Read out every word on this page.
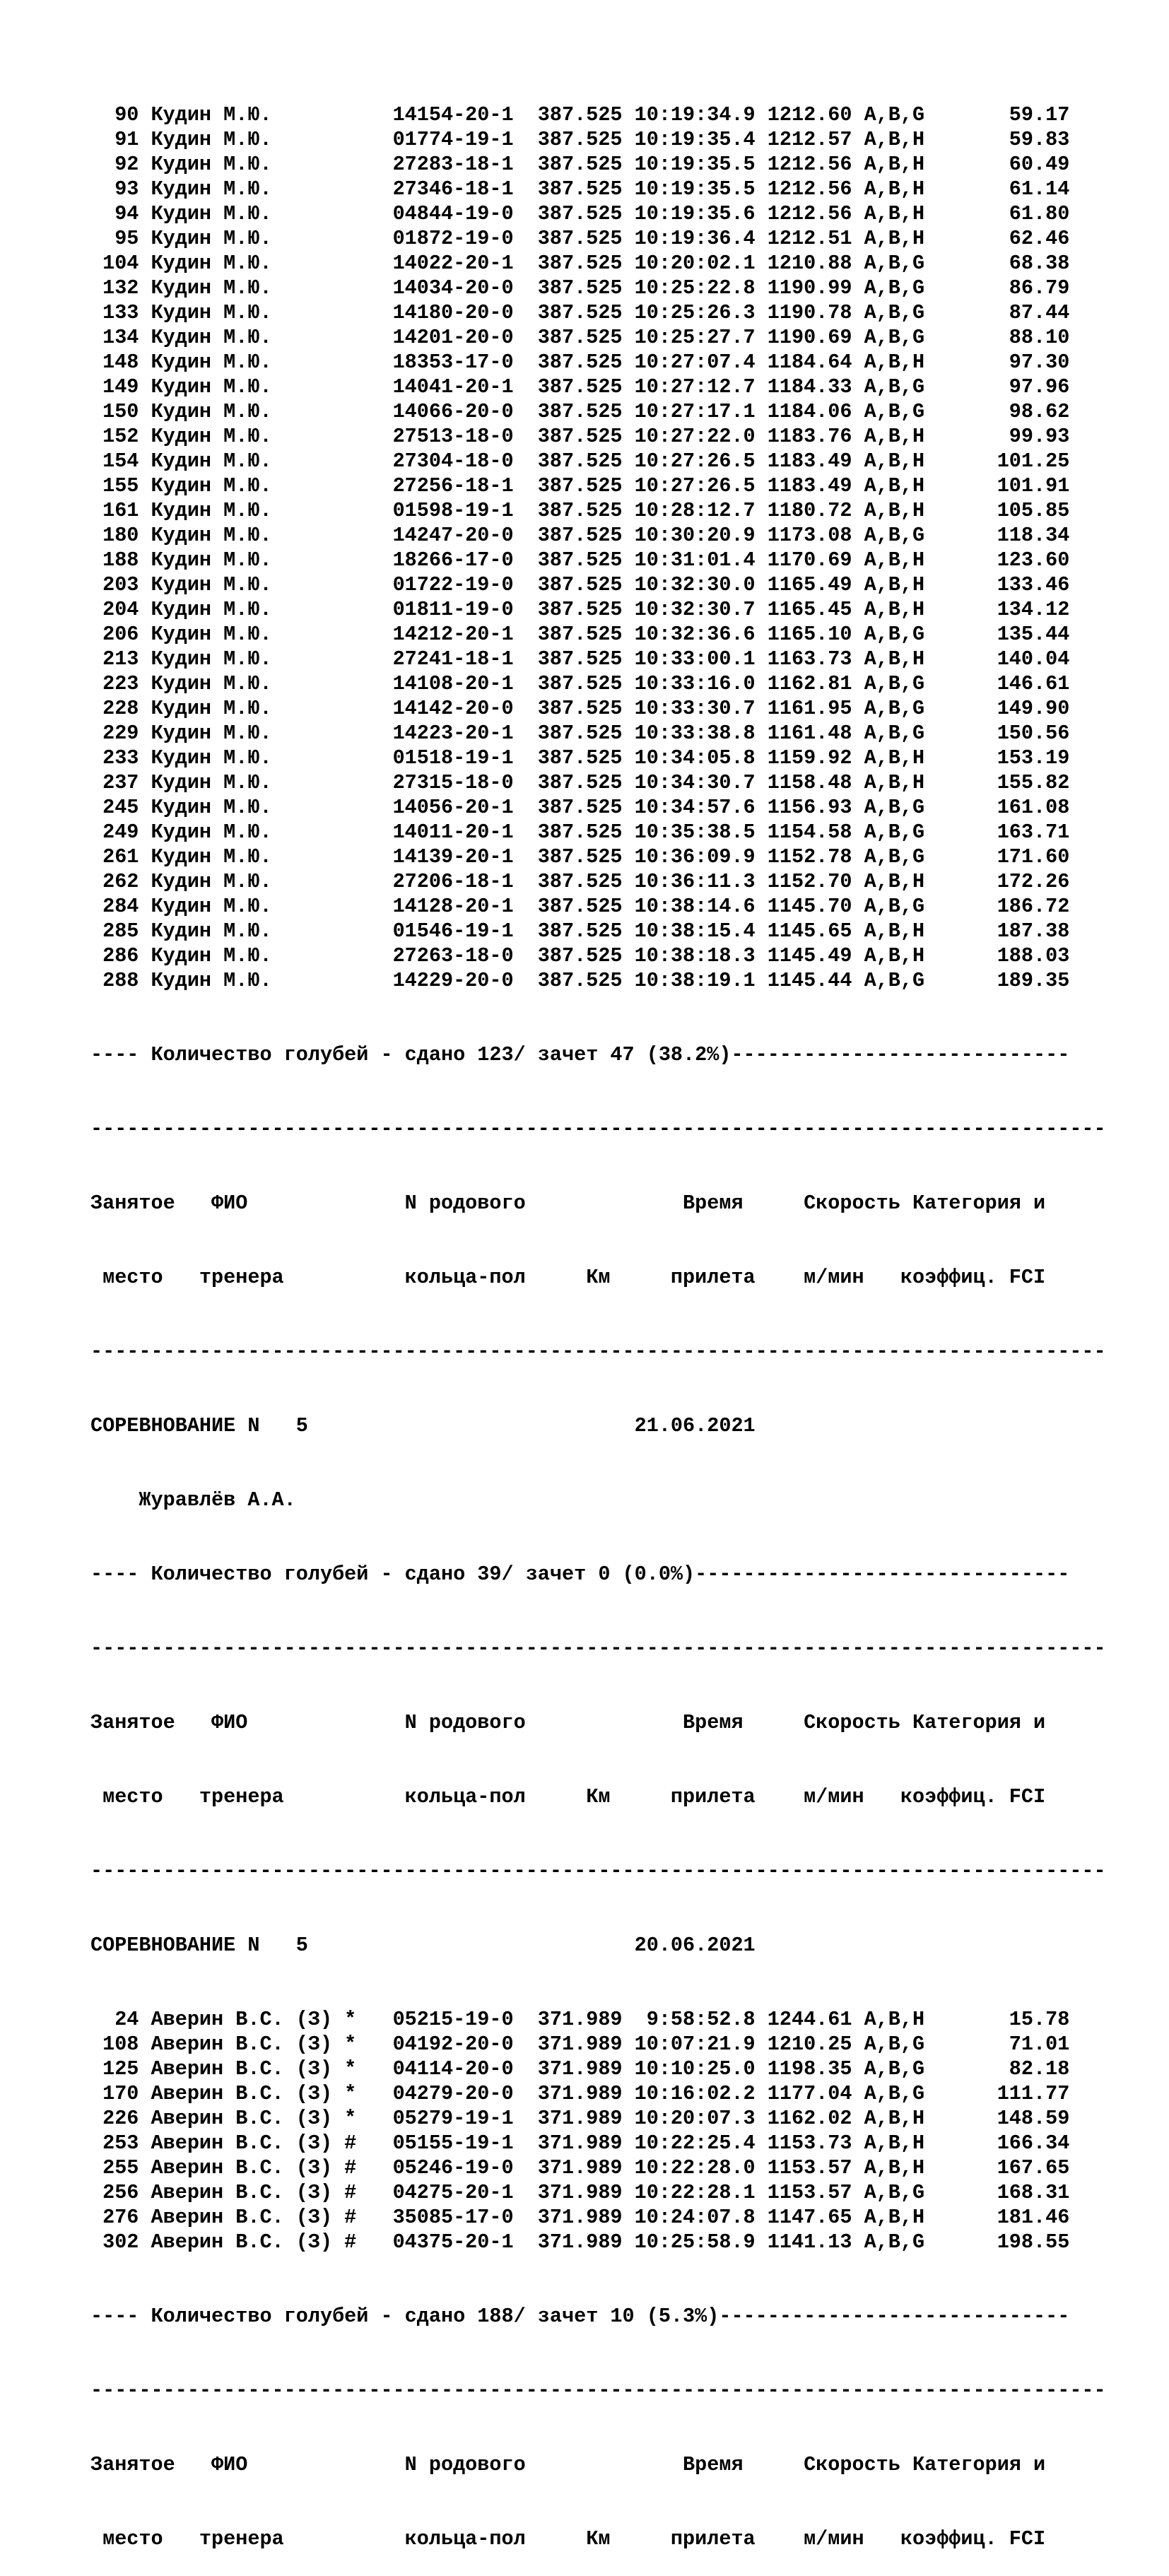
90 Кудин М.Ю.          14154-20-1  387.525 10:19:34.9 1212.60 A,B,G       59.17
91 Кудин М.Ю.          01774-19-1  387.525 10:19:35.4 1212.57 A,B,H       59.83
92 Кудин М.Ю.          27283-18-1  387.525 10:19:35.5 1212.56 A,B,H       60.49
93 Кудин М.Ю.          27346-18-1  387.525 10:19:35.5 1212.56 A,B,H       61.14
94 Кудин М.Ю.          04844-19-0  387.525 10:19:35.6 1212.56 A,B,H       61.80
95 Кудин М.Ю.          01872-19-0  387.525 10:19:36.4 1212.51 A,B,H       62.46
104 Кудин М.Ю.          14022-20-1  387.525 10:20:02.1 1210.88 A,B,G       68.38
132 Кудин М.Ю.          14034-20-0  387.525 10:25:22.8 1190.99 A,B,G       86.79
133 Кудин М.Ю.          14180-20-0  387.525 10:25:26.3 1190.78 A,B,G       87.44
134 Кудин М.Ю.          14201-20-0  387.525 10:25:27.7 1190.69 A,B,G       88.10
148 Кудин М.Ю.          18353-17-0  387.525 10:27:07.4 1184.64 A,B,H       97.30
149 Кудин М.Ю.          14041-20-1  387.525 10:27:12.7 1184.33 A,B,G       97.96
150 Кудин М.Ю.          14066-20-0  387.525 10:27:17.1 1184.06 A,B,G       98.62
152 Кудин М.Ю.          27513-18-0  387.525 10:27:22.0 1183.76 A,B,H       99.93
154 Кудин М.Ю.          27304-18-0  387.525 10:27:26.5 1183.49 A,B,H      101.25
155 Кудин М.Ю.          27256-18-1  387.525 10:27:26.5 1183.49 A,B,H      101.91
161 Кудин М.Ю.          01598-19-1  387.525 10:28:12.7 1180.72 A,B,H      105.85
180 Кудин М.Ю.          14247-20-0  387.525 10:30:20.9 1173.08 A,B,G      118.34
188 Кудин М.Ю.          18266-17-0  387.525 10:31:01.4 1170.69 A,B,H      123.60
203 Кудин М.Ю.          01722-19-0  387.525 10:32:30.0 1165.49 A,B,H      133.46
204 Кудин М.Ю.          01811-19-0  387.525 10:32:30.7 1165.45 A,B,H      134.12
206 Кудин М.Ю.          14212-20-1  387.525 10:32:36.6 1165.10 A,B,G      135.44
213 Кудин М.Ю.          27241-18-1  387.525 10:33:00.1 1163.73 A,B,H      140.04
223 Кудин М.Ю.          14108-20-1  387.525 10:33:16.0 1162.81 A,B,G      146.61
228 Кудин М.Ю.          14142-20-0  387.525 10:33:30.7 1161.95 A,B,G      149.90
229 Кудин М.Ю.          14223-20-1  387.525 10:33:38.8 1161.48 A,B,G      150.56
233 Кудин М.Ю.          01518-19-1  387.525 10:34:05.8 1159.92 A,B,H      153.19
237 Кудин М.Ю.          27315-18-0  387.525 10:34:30.7 1158.48 A,B,H      155.82
245 Кудин М.Ю.          14056-20-1  387.525 10:34:57.6 1156.93 A,B,G      161.08
249 Кудин М.Ю.          14011-20-1  387.525 10:35:38.5 1154.58 A,B,G      163.71
261 Кудин М.Ю.          14139-20-1  387.525 10:36:09.9 1152.78 A,B,G      171.60
262 Кудин М.Ю.          27206-18-1  387.525 10:36:11.3 1152.70 A,B,H      172.26
284 Кудин М.Ю.          14128-20-1  387.525 10:38:14.6 1145.70 A,B,G      186.72
285 Кудин М.Ю.          01546-19-1  387.525 10:38:15.4 1145.65 A,B,H      187.38
286 Кудин М.Ю.          27263-18-0  387.525 10:38:18.3 1145.49 A,B,H      188.03
288 Кудин М.Ю.          14229-20-0  387.525 10:38:19.1 1145.44 A,B,G      189.35

---- Количество голубей - сдано 123/ зачет 47 (38.2%)----------------------------

------------------------------------------------------------------------------------

Занятое   ФИО             N родового             Время     Скорость Категория и

место   тренера          кольца-пол     Км     прилета    м/мин   коэффиц. FCI

------------------------------------------------------------------------------------

СОРЕВНОВАНИЕ N   5                           21.06.2021

Журавлёв А.А.

---- Количество голубей - сдано 39/ зачет 0 (0.0%)-------------------------------

------------------------------------------------------------------------------------

Занятое   ФИО             N родового             Время     Скорость Категория и

место   тренера          кольца-пол     Км     прилета    м/мин   коэффиц. FCI

------------------------------------------------------------------------------------

СОРЕВНОВАНИЕ N   5                           20.06.2021

24 Аверин В.С. (З) *   05215-19-0  371.989  9:58:52.8 1244.61 A,B,H       15.78
108 Аверин В.С. (З) *   04192-20-0  371.989 10:07:21.9 1210.25 A,B,G       71.01
125 Аверин В.С. (З) *   04114-20-0  371.989 10:10:25.0 1198.35 A,B,G       82.18
170 Аверин В.С. (З) *   04279-20-0  371.989 10:16:02.2 1177.04 A,B,G      111.77
226 Аверин В.С. (З) *   05279-19-1  371.989 10:20:07.3 1162.02 A,B,H      148.59
253 Аверин В.С. (З) #   05155-19-1  371.989 10:22:25.4 1153.73 A,B,H      166.34
255 Аверин В.С. (З) #   05246-19-0  371.989 10:22:28.0 1153.57 A,B,H      167.65
256 Аверин В.С. (З) #   04275-20-1  371.989 10:22:28.1 1153.57 A,B,G      168.31
276 Аверин В.С. (З) #   35085-17-0  371.989 10:24:07.8 1147.65 A,B,H      181.46
302 Аверин В.С. (З) #   04375-20-1  371.989 10:25:58.9 1141.13 A,B,G      198.55

---- Количество голубей - сдано 188/ зачет 10 (5.3%)-----------------------------

------------------------------------------------------------------------------------

Занятое   ФИО             N родового             Время     Скорость Категория и

место   тренера          кольца-пол     Км     прилета    м/мин   коэффиц. FCI
